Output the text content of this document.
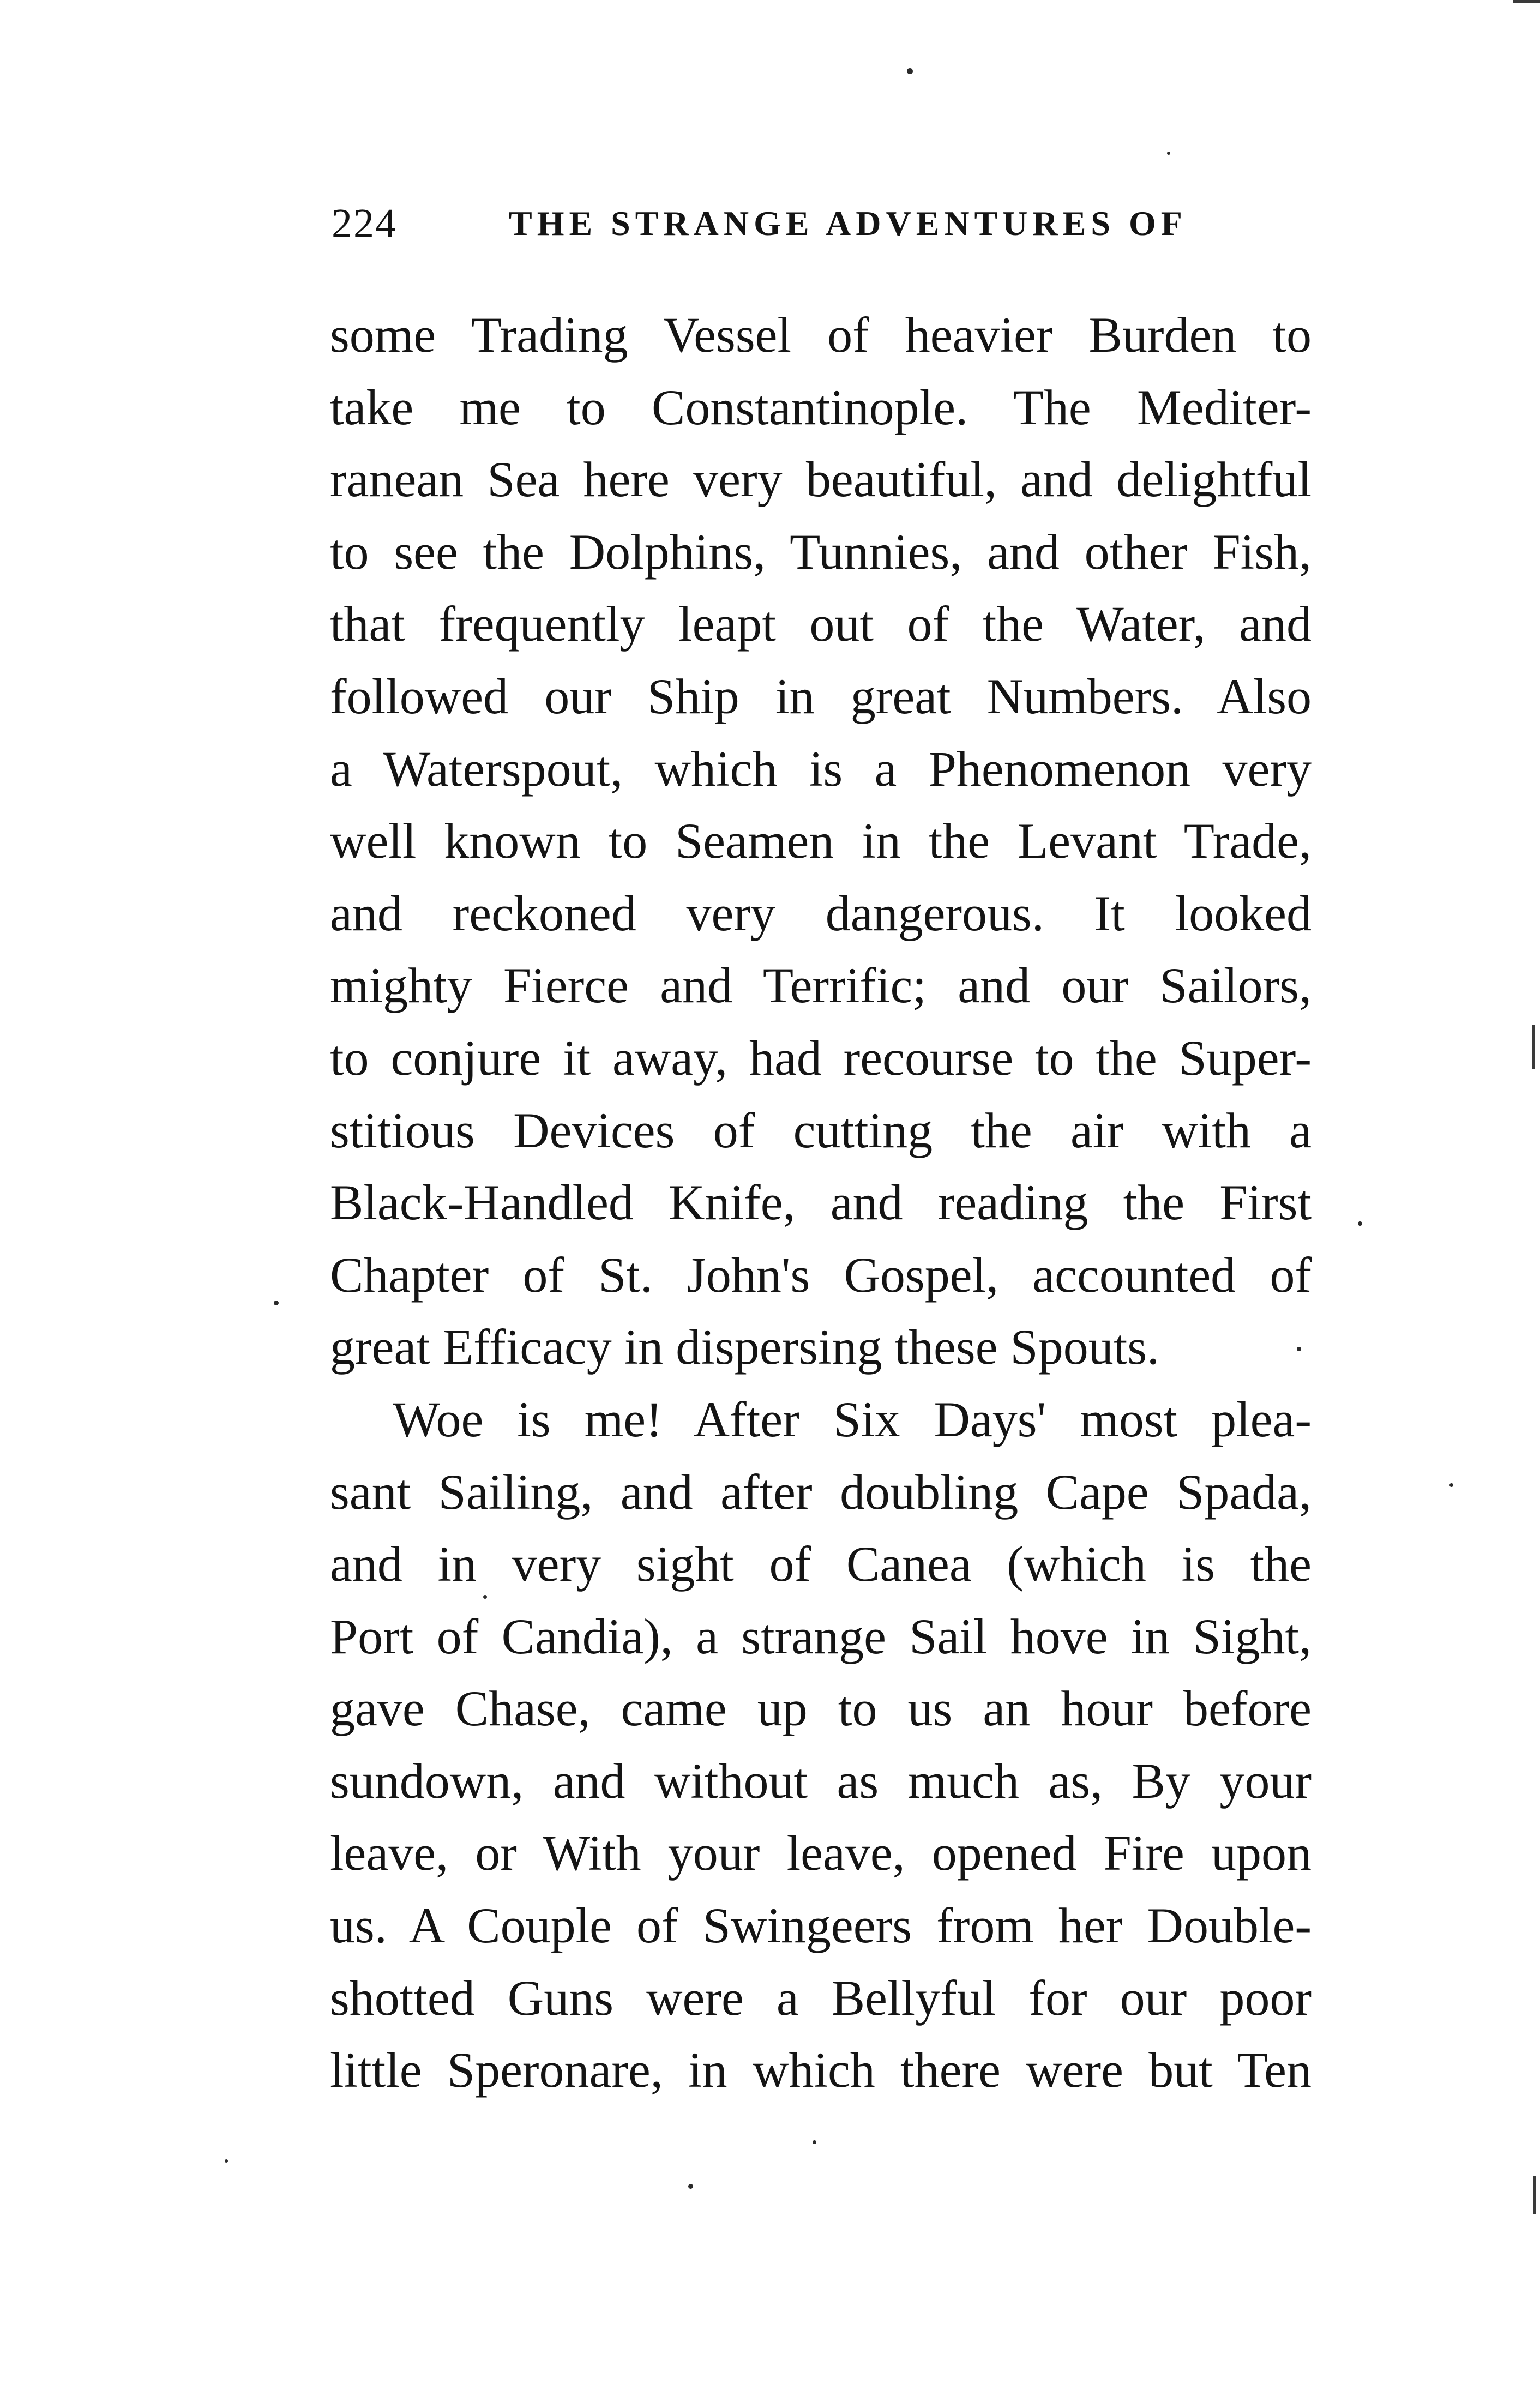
224	THE STRANGE ADVENTURES OF
some Trading Vessel of heavier Burden to
take me to Constantinople. The Mediter-
ranean Sea here very beautiful, and delightful
to see the Dolphins, Tunnies, and other Fish,
that frequently leapt out of the Water, and
followed our Ship in great Numbers. Also
a Waterspout, which is a Phenomenon very
well known to Seamen in the Levant Trade,
and reckoned very dangerous. It looked
mighty Fierce and Terrific; and our Sailors,
to conjure it away, had recourse to the Super-
stitious Devices of cutting the air with a
Black-Handled Knife, and reading the First
Chapter of St. John's Gospel, accounted of
great Efficacy in dispersing these Spouts.
Woe is me! After Six Days' most plea-
sant Sailing, and after doubling Cape Spada,
and in very sight of Canea (which is the
Port of Candia), a strange Sail hove in Sight,
gave Chase, came up to us an hour before
sundown, and without as much as, By your
leave, or With your leave, opened Fire upon
us. A Couple of Swingeers from her Double-
shotted Guns were a Bellyful for our poor
little Speronare, in which there were but Ten
